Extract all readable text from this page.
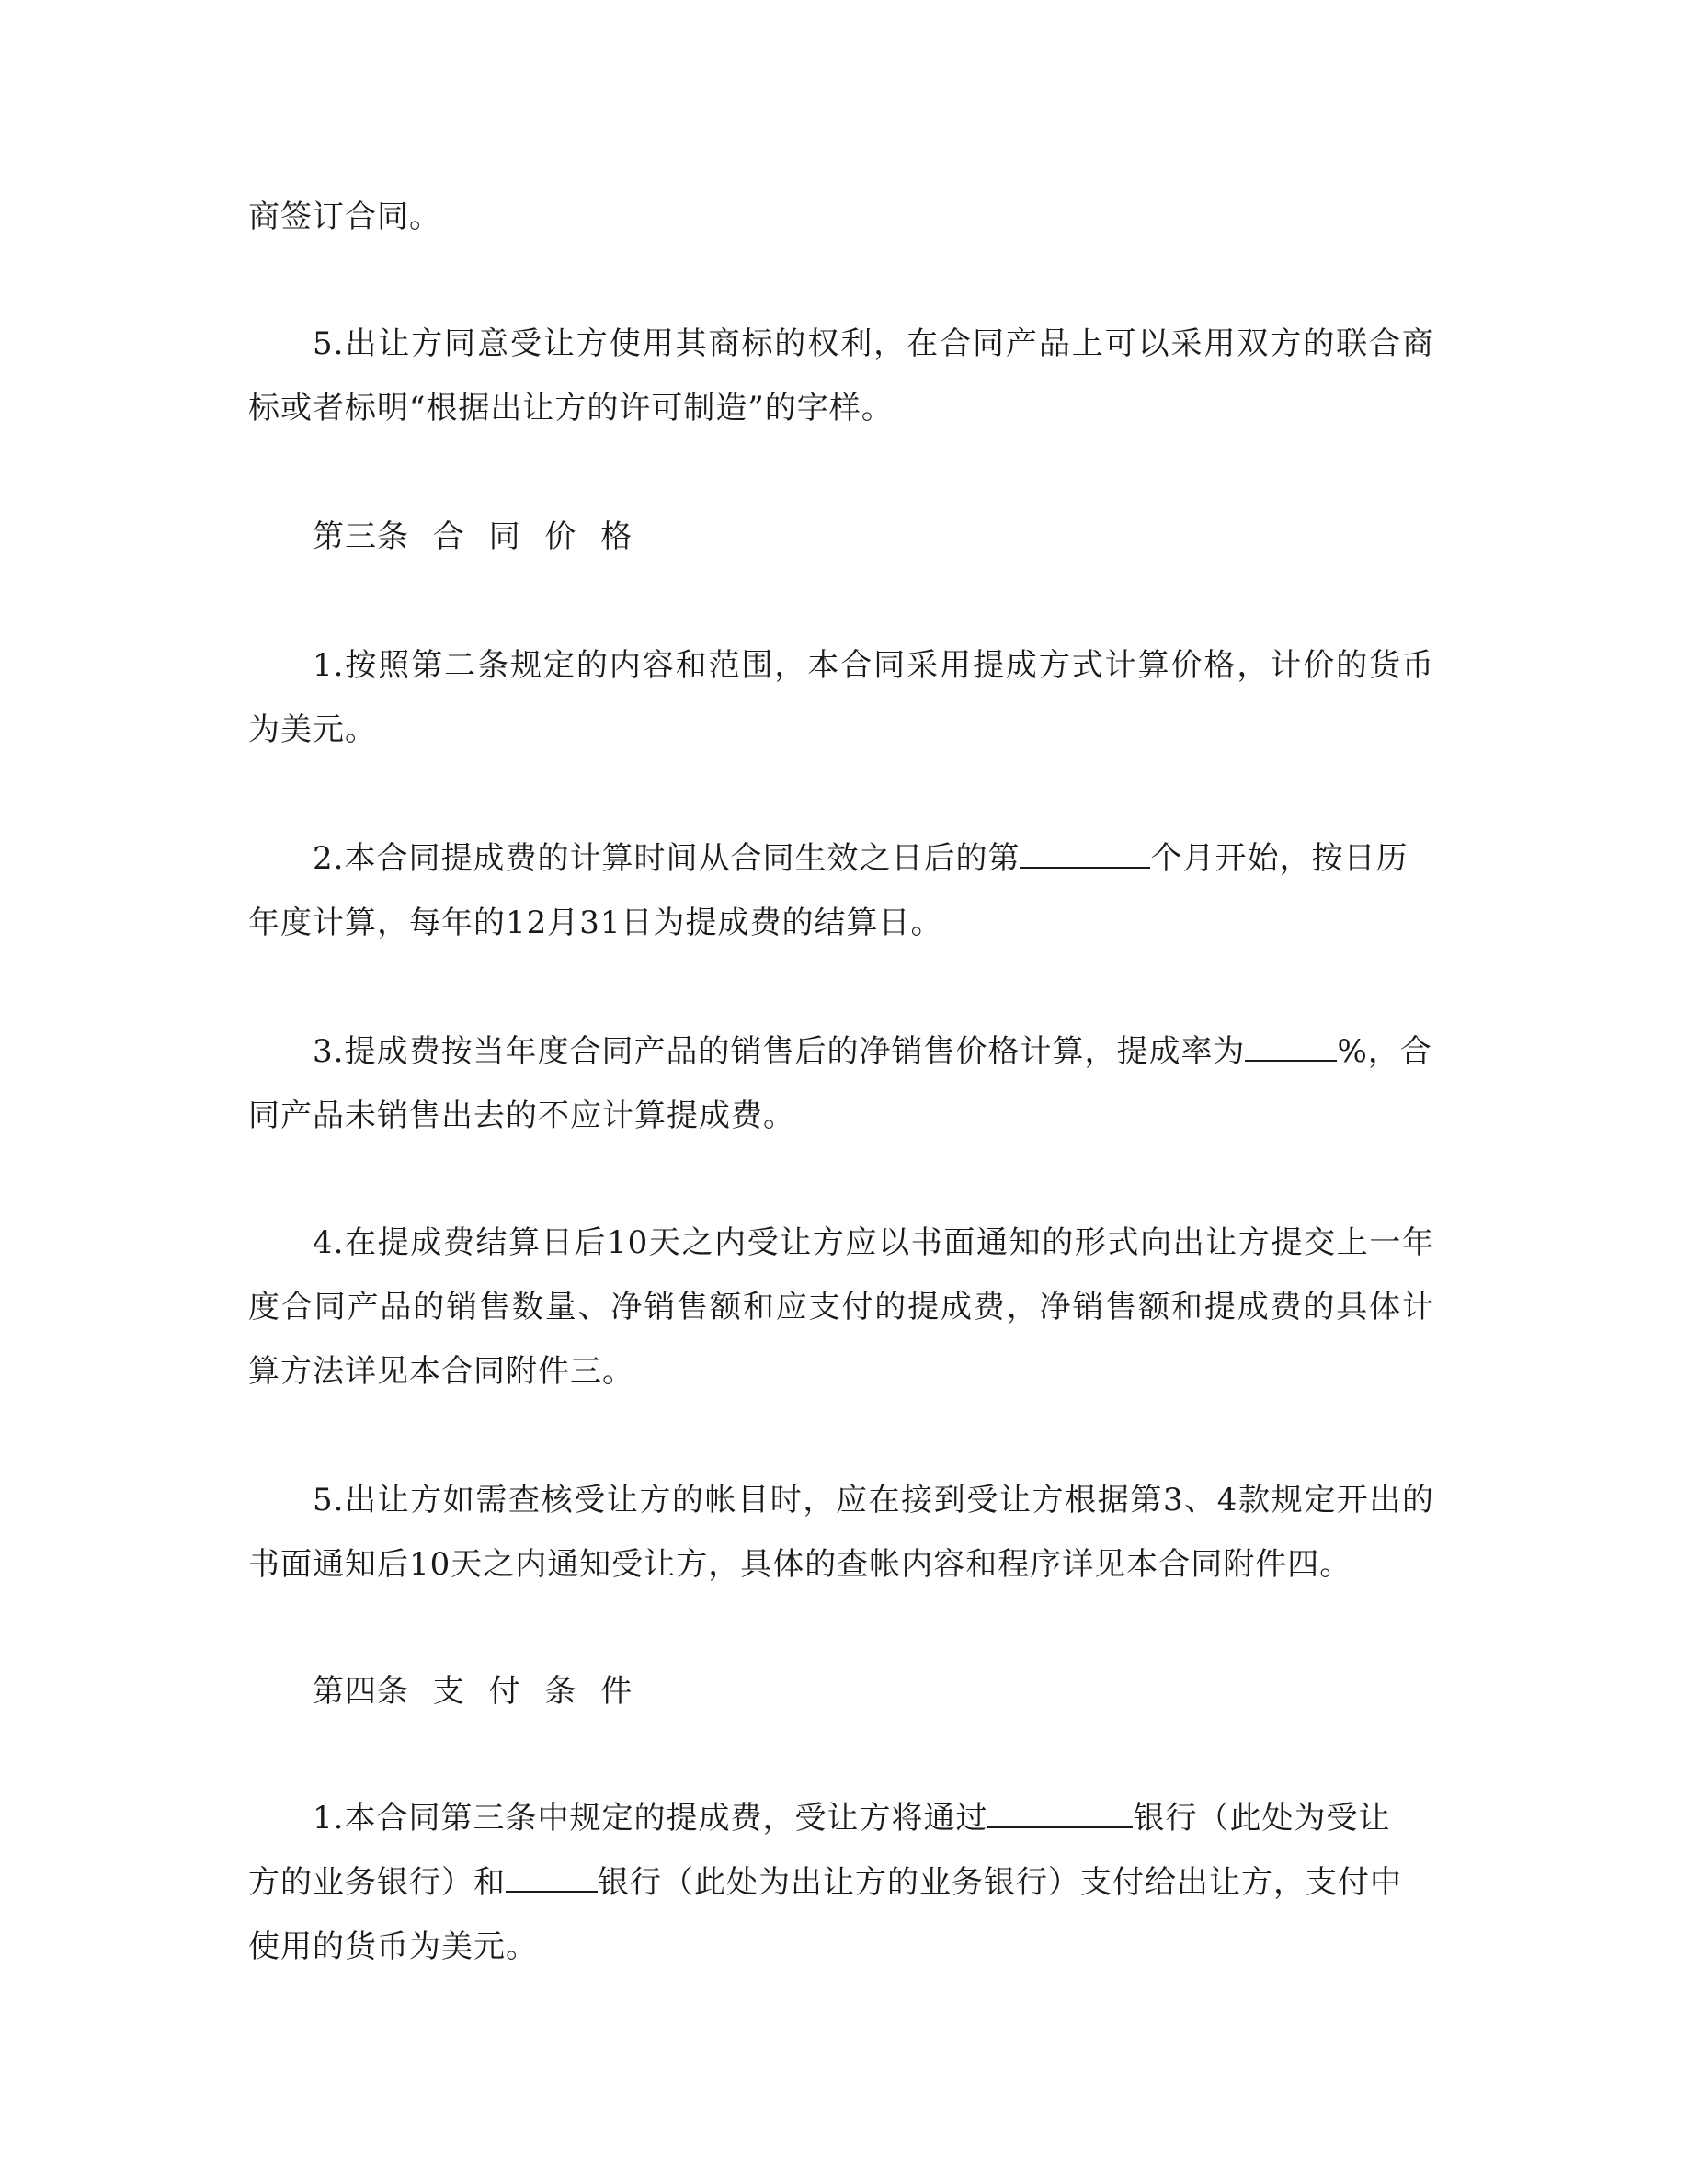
商签订合同。
5.出让方同意受让方使用其商标的权利，在合同产品上可以采用双方的联合商
标或者标明“根据出让方的许可制造”的字样。
第三条 合 同 价 格
1.按照第二条规定的内容和范围，本合同采用提成方式计算价格，计价的货币
为美元。
2.本合同提成费的计算时间从合同生效之日后的第	个月开始，按日历
年度计算，每年的12月31日为提成费的结算日。
3.提成费按当年度合同产品的销售后的净销售价格计算，提成率为	%，合
同产品未销售出去的不应计算提成费。
4.在提成费结算日后10天之内受让方应以书面通知的形式向出让方提交上一年
度合同产品的销售数量、净销售额和应支付的提成费，净销售额和提成费的具体计
算方法详见本合同附件三。
5.出让方如需查核受让方的帐目时，应在接到受让方根据第3、4款规定开出的
书面通知后10天之内通知受让方，具体的查帐内容和程序详见本合同附件四。
第四条 支 付 条 件
1.本合同第三条中规定的提成费，受让方将通过	银行（此处为受让
方的业务银行）和	银行（此处为出让方的业务银行）支付给出让方，支付中
使用的货币为美元。
